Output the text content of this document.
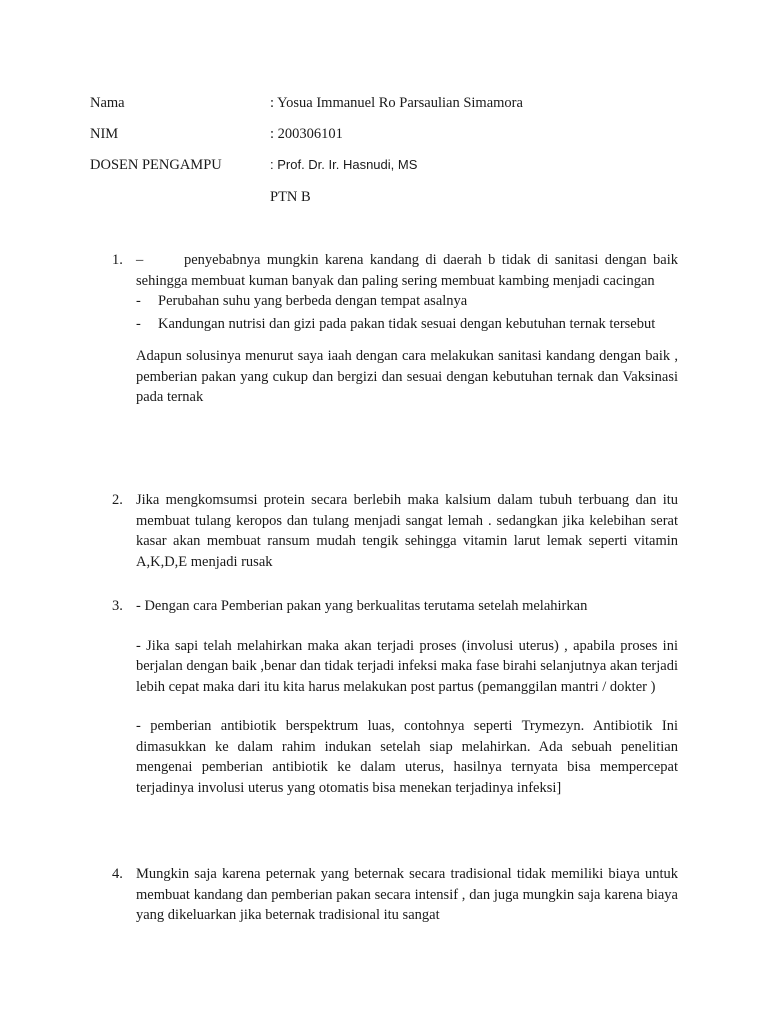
Nama	: Yosua Immanuel Ro Parsaulian Simamora
NIM	: 200306101
DOSEN PENGAMPU	: Prof. Dr. Ir. Hasnudi, MS
PTN B
1. –	penyebabnya mungkin karena kandang di daerah b tidak di sanitasi dengan baik sehingga membuat kuman banyak dan paling sering membuat kambing menjadi cacingan

- Perubahan suhu yang berbeda dengan tempat asalnya

- Kandungan nutrisi dan gizi pada pakan tidak sesuai dengan kebutuhan ternak tersebut

Adapun solusinya menurut saya iaah dengan cara melakukan sanitasi kandang dengan baik , pemberian pakan yang cukup dan bergizi dan sesuai dengan kebutuhan ternak dan Vaksinasi pada ternak

2. Jika mengkomsumsi protein secara berlebih maka kalsium dalam tubuh terbuang dan itu membuat tulang keropos dan tulang menjadi sangat lemah . sedangkan jika kelebihan serat kasar akan membuat ransum mudah tengik sehingga vitamin larut lemak seperti vitamin A,K,D,E menjadi rusak

3. - Dengan cara Pemberian pakan yang berkualitas terutama setelah melahirkan

- Jika sapi telah melahirkan maka akan terjadi proses (involusi uterus) , apabila proses ini berjalan dengan baik ,benar dan tidak terjadi infeksi maka fase birahi selanjutnya akan terjadi lebih cepat maka dari itu kita harus melakukan post partus (pemanggilan mantri / dokter )

- pemberian antibiotik berspektrum luas, contohnya seperti Trymezyn. Antibiotik Ini dimasukkan ke dalam rahim indukan setelah siap melahirkan. Ada sebuah penelitian mengenai pemberian antibiotik ke dalam uterus, hasilnya ternyata bisa mempercepat terjadinya involusi uterus yang otomatis bisa menekan terjadinya infeksi]

4. Mungkin saja karena peternak yang beternak secara tradisional tidak memiliki biaya untuk membuat kandang dan pemberian pakan secara intensif , dan juga mungkin saja karena biaya yang dikeluarkan jika beternak tradisional itu sangat
